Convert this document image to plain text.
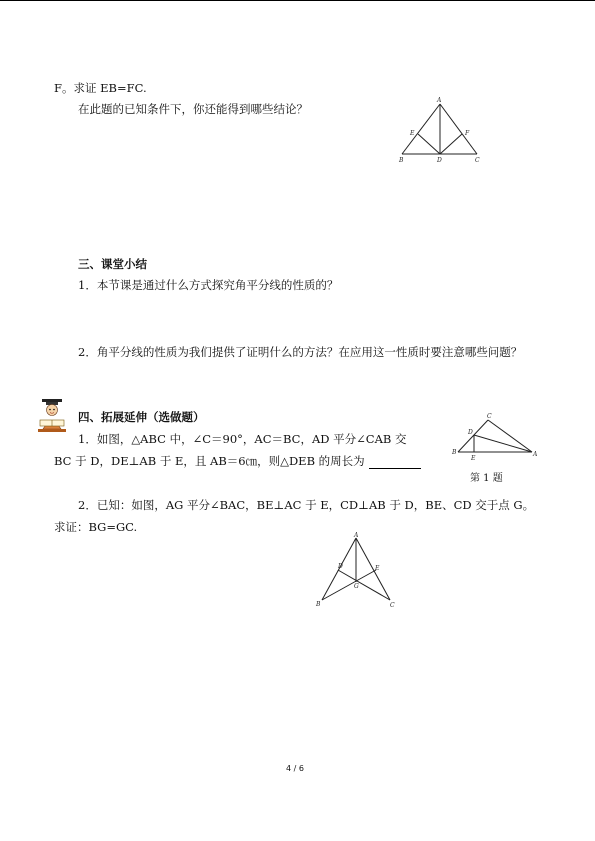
F。求证 EB=FC.
在此题的已知条件下，你还能得到哪些结论？
A
E	F
B	D	C
三、课堂小结
1．本节课是通过什么方式探究角平分线的性质的？
2．角平分线的性质为我们提供了证明什么的方法？在应用这一性质时要注意哪些问题？
四、拓展延伸（选做题）
1．如图，△ABC 中，∠C＝90°，AC＝BC，AD 平分∠CAB 交
BC 于 D，DE⊥AB 于 E，且 AB＝6㎝，则△DEB 的周长为
C
D
B
E
A
第 1 题
2．已知：如图，AG 平分∠BAC，BE⊥AC 于 E，CD⊥AB 于 D，BE、CD 交于点 G。
求证：BG=GC.
A
D	E
G
B	C
4 / 6
